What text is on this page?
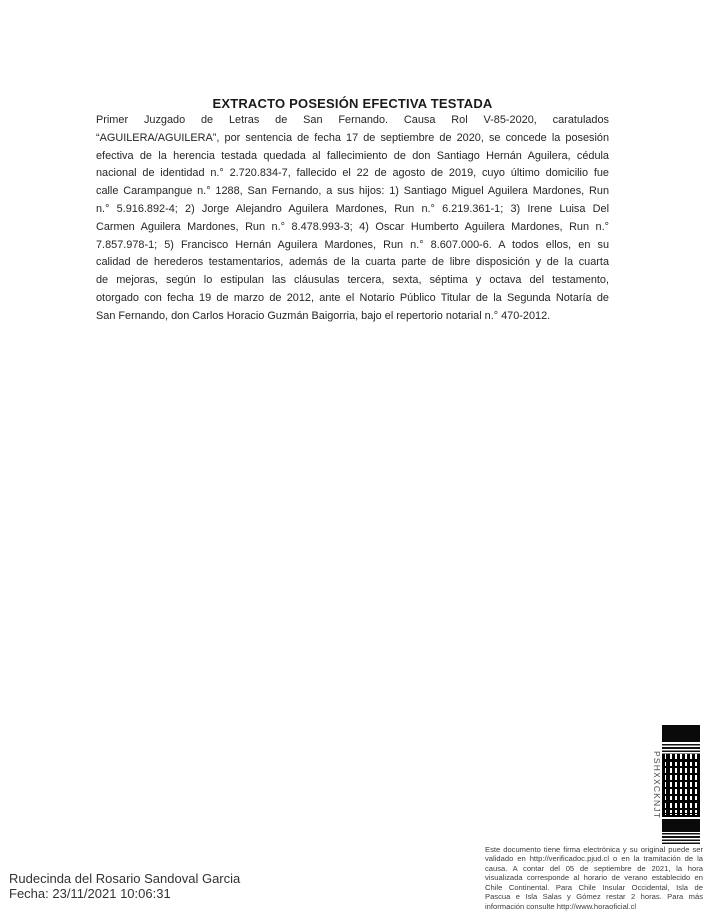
EXTRACTO POSESIÓN EFECTIVA TESTADA
Primer Juzgado de Letras de San Fernando. Causa Rol V-85-2020, caratulados
“AGUILERA/AGUILERA”, por sentencia de fecha 17 de septiembre de 2020, se concede la posesión
efectiva de la herencia testada quedada al fallecimiento de don Santiago Hernán Aguilera, cédula
nacional de identidad n.° 2.720.834-7, fallecido el 22 de agosto de 2019, cuyo último domicilio fue
calle Carampangue n.° 1288, San Fernando, a sus hijos: 1) Santiago Miguel Aguilera Mardones, Run
n.° 5.916.892-4; 2) Jorge Alejandro Aguilera Mardones, Run n.° 6.219.361-1; 3) Irene Luisa Del
Carmen Aguilera Mardones, Run n.° 8.478.993-3; 4) Oscar Humberto Aguilera Mardones, Run n.°
7.857.978-1; 5) Francisco Hernán Aguilera Mardones, Run n.° 8.607.000-6. A todos ellos, en su
calidad de herederos testamentarios, además de la cuarta parte de libre disposición y de la cuarta
de mejoras, según lo estipulan las cláusulas tercera, sexta, séptima y octava del testamento,
otorgado con fecha 19 de marzo de 2012, ante el Notario Público Titular de la Segunda Notaría de
San Fernando, don Carlos Horacio Guzmán Baigorria, bajo el repertorio notarial n.° 470-2012.
PSHXXCKNJT
Este documento tiene firma electrónica y su original puede ser
validado en http://verificadoc.pjud.cl o en la tramitación de la
causa. A contar del 05 de septiembre de 2021, la hora
visualizada corresponde al horario de verano establecido en
Chile Continental. Para Chile Insular Occidental, Isla de
Pascua e Isla Salas y Gómez restar 2 horas. Para más
información consulte http://www.horaoficial.cl
Rudecinda del Rosario Sandoval Garcia
Fecha: 23/11/2021 10:06:31
